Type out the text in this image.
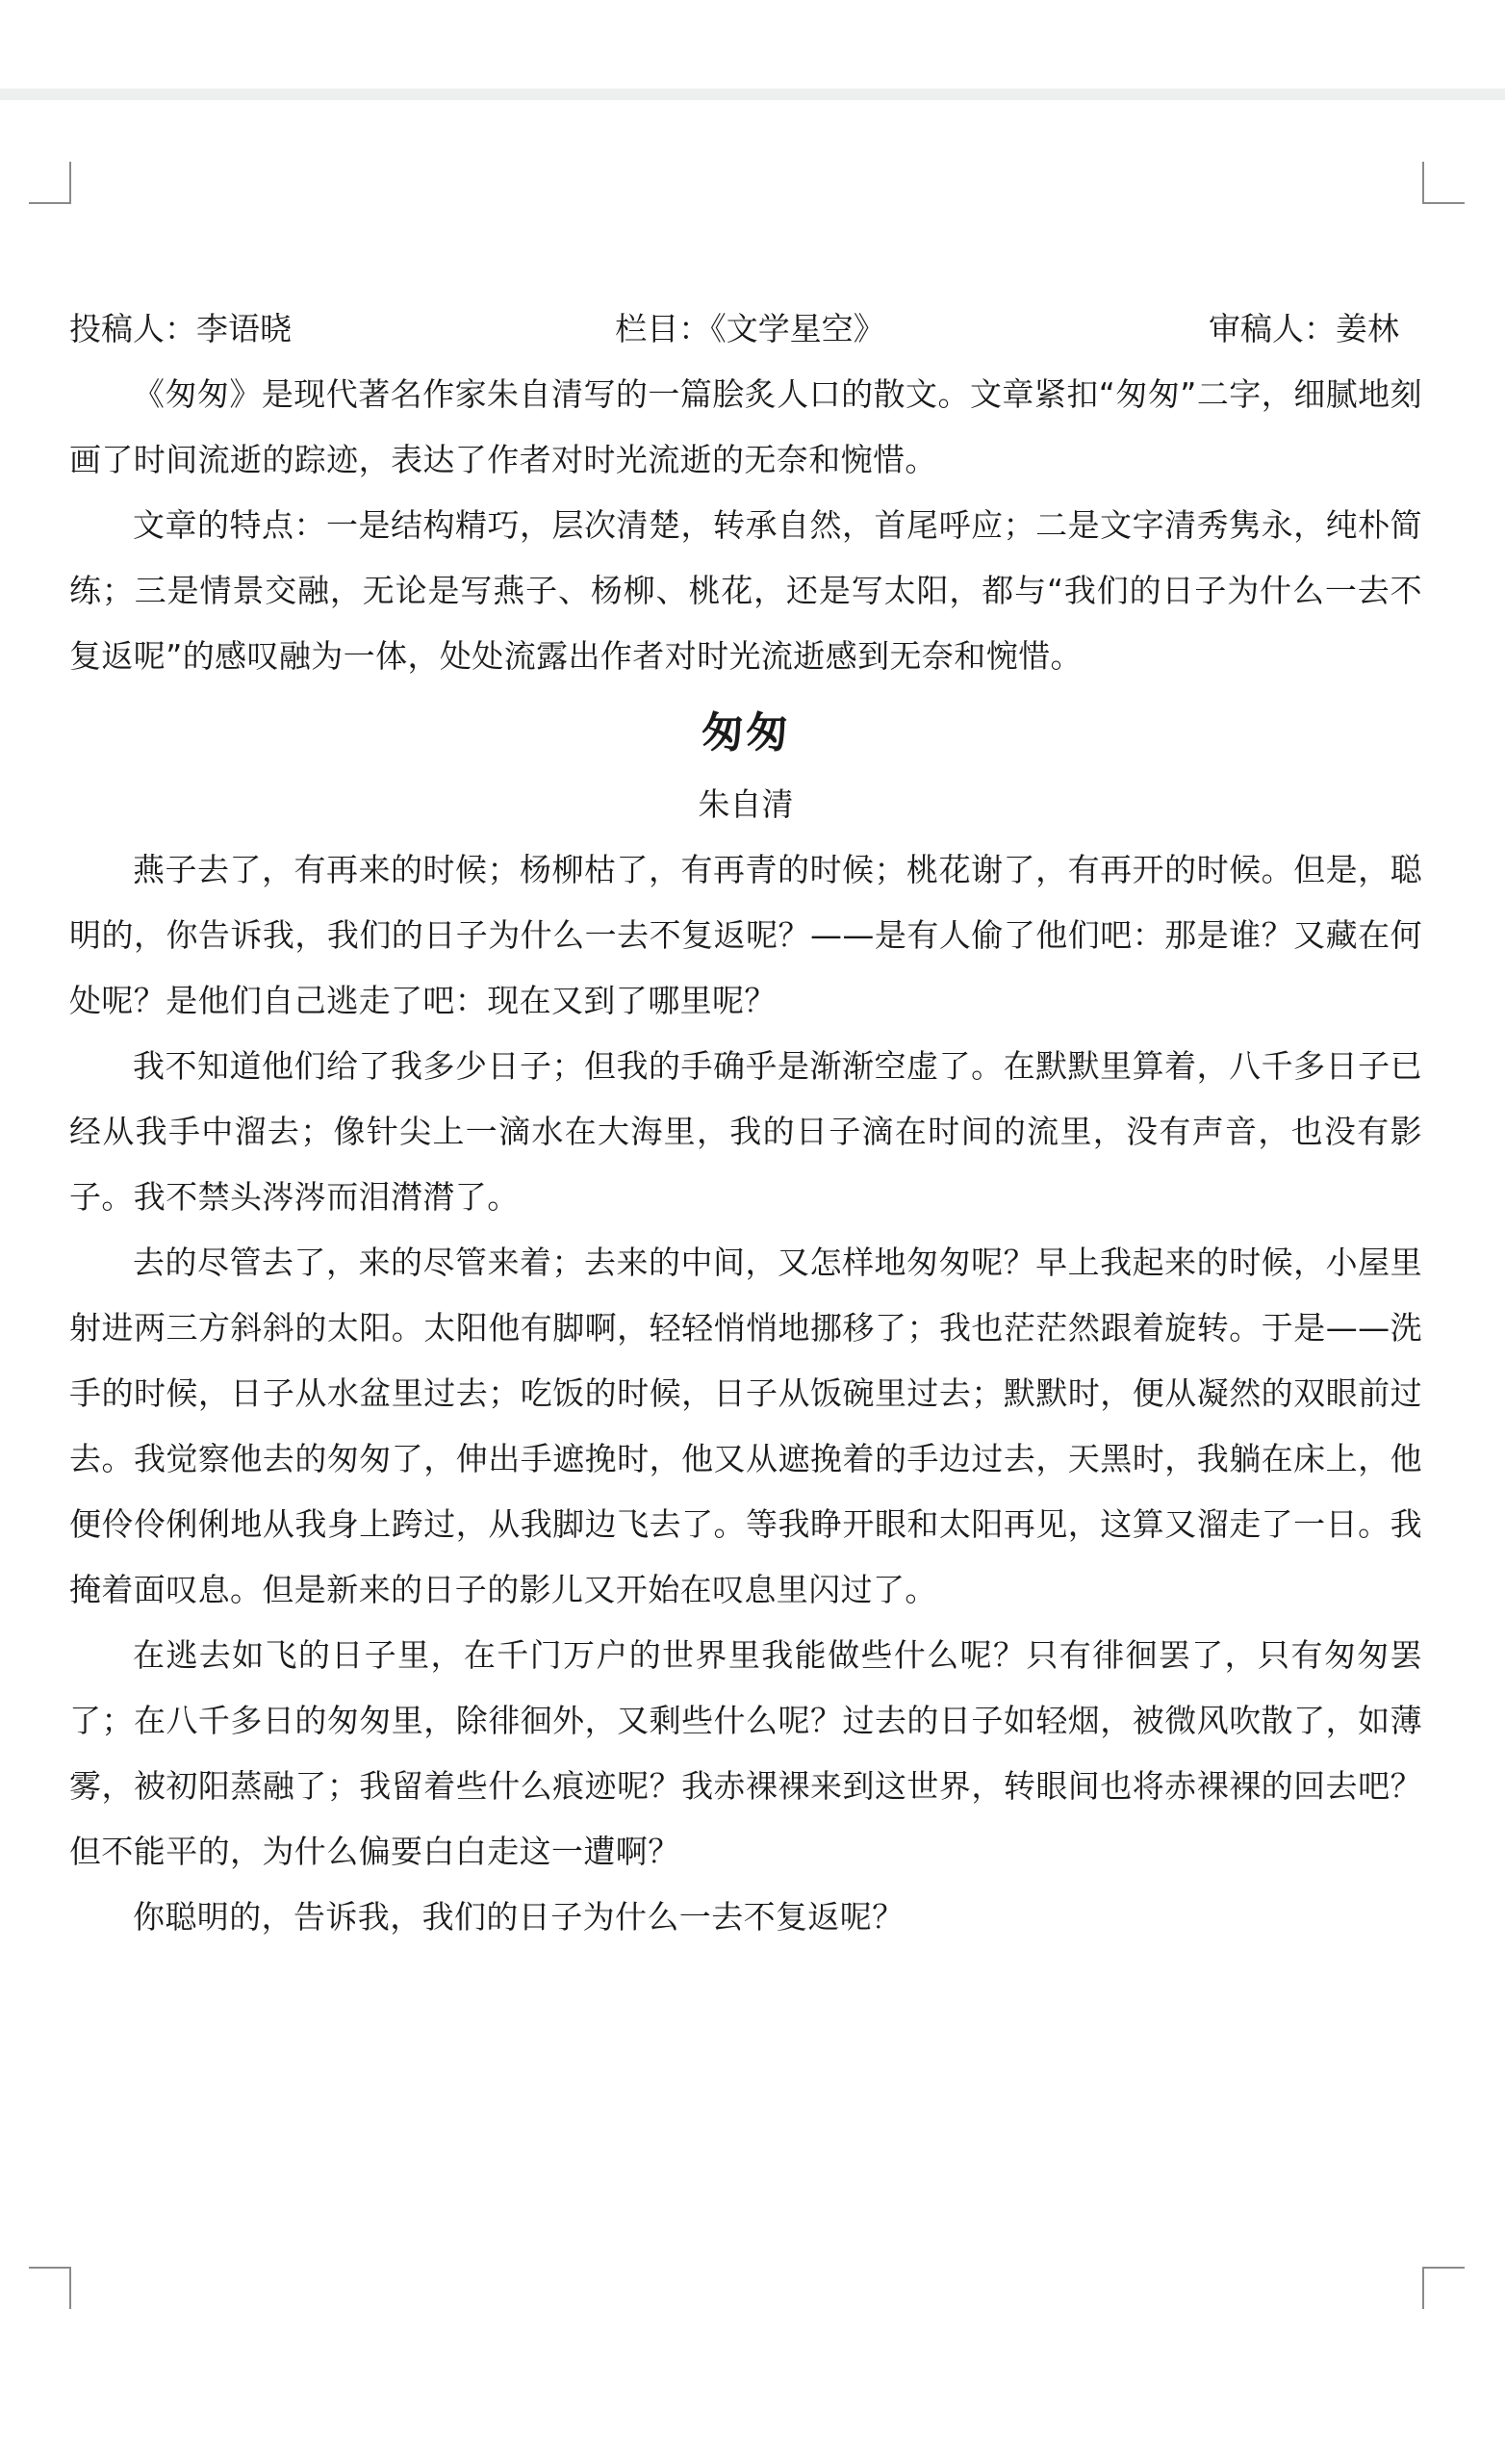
投稿人：李语晓	栏目：《文学星空》	审稿人：姜林

《匆匆》是现代著名作家朱自清写的一篇脍炙人口的散文。文章紧扣“匆匆”二字，细腻地刻画了时间流逝的踪迹，表达了作者对时光流逝的无奈和惋惜。

文章的特点：一是结构精巧，层次清楚，转承自然，首尾呼应；二是文字清秀隽永，纯朴简练；三是情景交融，无论是写燕子、杨柳、桃花，还是写太阳，都与“我们的日子为什么一去不复返呢”的感叹融为一体，处处流露出作者对时光流逝感到无奈和惋惜。

匆匆
朱自清

燕子去了，有再来的时候；杨柳枯了，有再青的时候；桃花谢了，有再开的时候。但是，聪明的，你告诉我，我们的日子为什么一去不复返呢？——是有人偷了他们吧：那是谁？又藏在何处呢？是他们自己逃走了吧：现在又到了哪里呢？

我不知道他们给了我多少日子；但我的手确乎是渐渐空虚了。在默默里算着，八千多日子已经从我手中溜去；像针尖上一滴水在大海里，我的日子滴在时间的流里，没有声音，也没有影子。我不禁头涔涔而泪潸潸了。

去的尽管去了，来的尽管来着；去来的中间，又怎样地匆匆呢？早上我起来的时候，小屋里射进两三方斜斜的太阳。太阳他有脚啊，轻轻悄悄地挪移了；我也茫茫然跟着旋转。于是——洗手的时候，日子从水盆里过去；吃饭的时候，日子从饭碗里过去；默默时，便从凝然的双眼前过去。我觉察他去的匆匆了，伸出手遮挽时，他又从遮挽着的手边过去，天黑时，我躺在床上，他便伶伶俐俐地从我身上跨过，从我脚边飞去了。等我睁开眼和太阳再见，这算又溜走了一日。我掩着面叹息。但是新来的日子的影儿又开始在叹息里闪过了。

在逃去如飞的日子里，在千门万户的世界里我能做些什么呢？只有徘徊罢了，只有匆匆罢了；在八千多日的匆匆里，除徘徊外，又剩些什么呢？过去的日子如轻烟，被微风吹散了，如薄雾，被初阳蒸融了；我留着些什么痕迹呢？我赤裸裸来到这世界，转眼间也将赤裸裸的回去吧？但不能平的，为什么偏要白白走这一遭啊？

你聪明的，告诉我，我们的日子为什么一去不复返呢？
